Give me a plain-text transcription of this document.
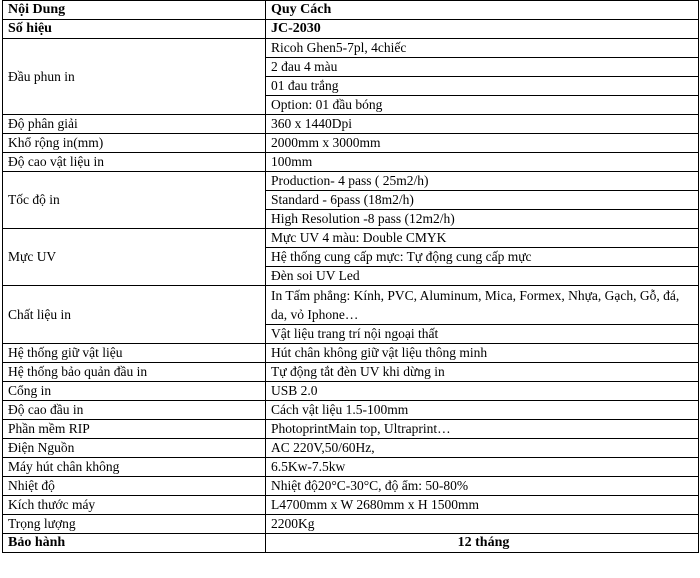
Nội Dung	Quy Cách
Số hiệu	JC-2030
Đầu phun in	Ricoh Ghen5-7pl, 4chiếc
	2 đau 4 màu
	01 đau trắng
	Option: 01 đầu bóng
Độ phân giải	360 x 1440Dpi
Khổ rộng in(mm)	2000mm x 3000mm
Độ cao vật liệu in	100mm
Tốc độ in	Production- 4 pass ( 25m2/h)
	Standard - 6pass (18m2/h)
	High Resolution -8 pass (12m2/h)
Mực UV	Mực UV 4 màu: Double CMYK
	Hệ thống cung cấp mực: Tự động cung cấp mực
	Đèn soi UV Led
Chất liệu in	In Tấm phẳng: Kính, PVC, Aluminum, Mica, Formex, Nhựa, Gạch, Gỗ, đá, da, vỏ Iphone…
	Vật liệu trang trí nội ngoại thất
Hệ thống giữ vật liệu	Hút chân không giữ vật liệu thông minh
Hệ thống bảo quản đầu in	Tự động tắt đèn UV khi dừng in
Cổng in	USB 2.0
Độ cao đầu in	Cách vật liệu 1.5-100mm
Phần mềm RIP	PhotoprintMain top, Ultraprint…
Điện Nguồn	AC 220V,50/60Hz,
Máy hút chân không	6.5Kw-7.5kw
Nhiệt độ	Nhiệt độ20°C-30°C, độ ẩm: 50-80%
Kích thước máy	L4700mm x W 2680mm x H 1500mm
Trọng lượng	2200Kg
Bảo hành	12 tháng
